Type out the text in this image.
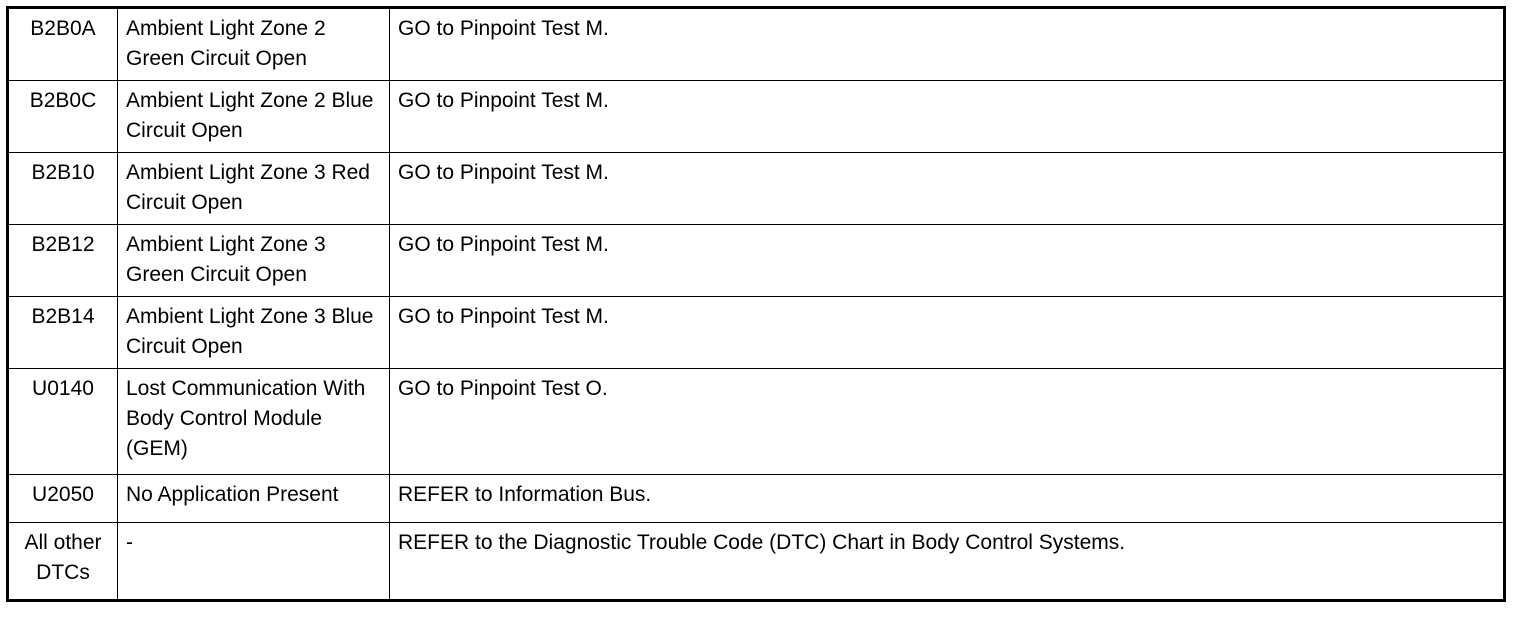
B2B0A	Ambient Light Zone 2 Green Circuit Open	GO to Pinpoint Test M.
B2B0C	Ambient Light Zone 2 Blue Circuit Open	GO to Pinpoint Test M.
B2B10	Ambient Light Zone 3 Red Circuit Open	GO to Pinpoint Test M.
B2B12	Ambient Light Zone 3 Green Circuit Open	GO to Pinpoint Test M.
B2B14	Ambient Light Zone 3 Blue Circuit Open	GO to Pinpoint Test M.
U0140	Lost Communication With Body Control Module (GEM)	GO to Pinpoint Test O.
U2050	No Application Present	REFER to Information Bus.
All other DTCs	-	REFER to the Diagnostic Trouble Code (DTC) Chart in Body Control Systems.
